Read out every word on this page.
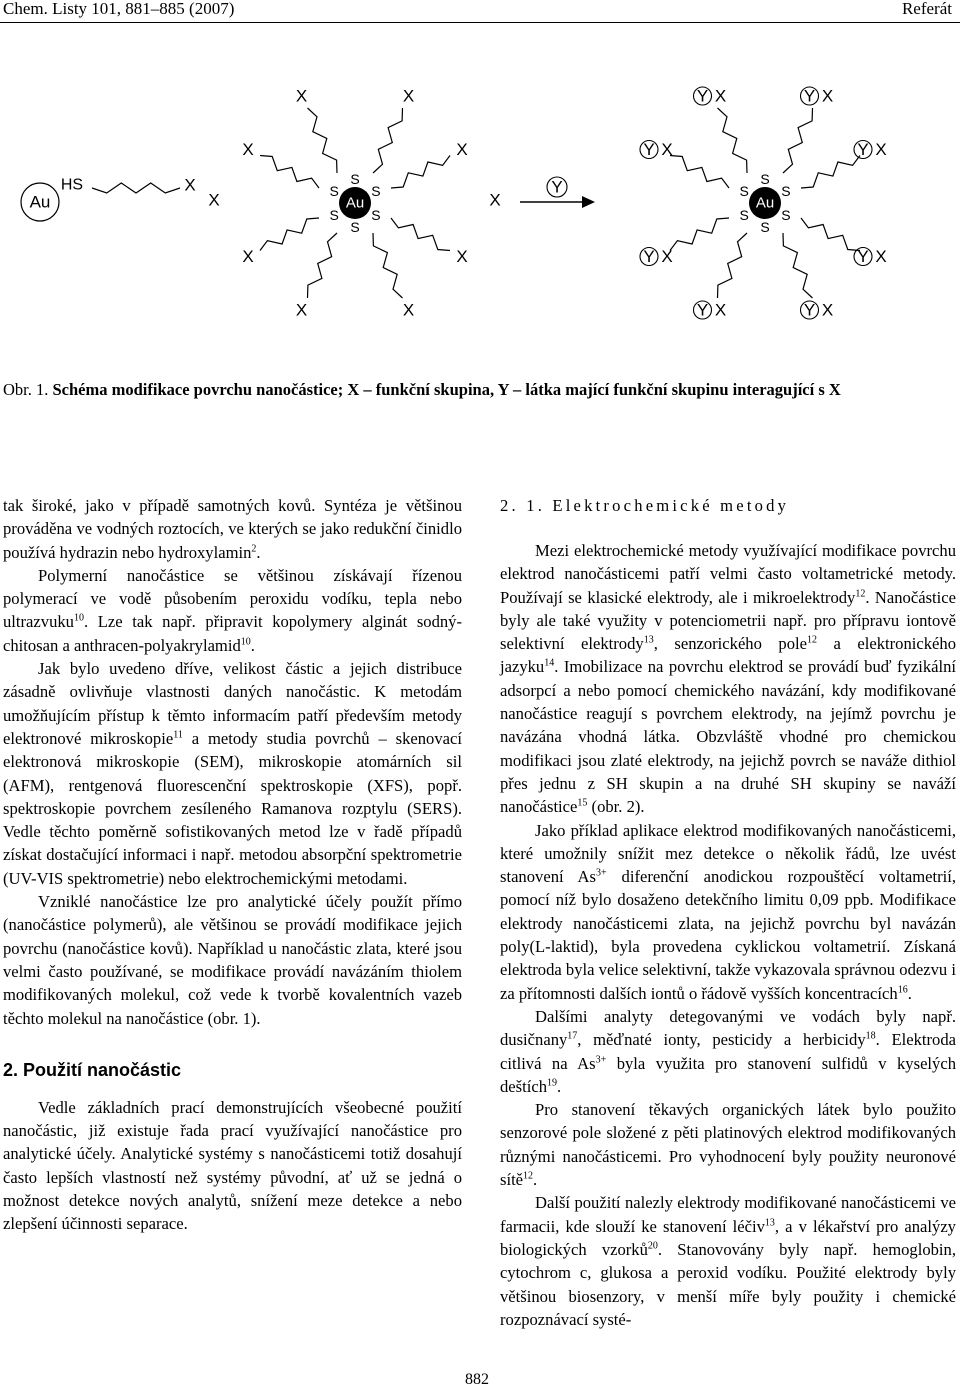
Chem. Listy 101, 881–885 (2007)	Referát
Au
HS	X
Au
S
S
S
S
S
S
X	X
X
X
X
X
X
X
X	X
Y
Au
S
S
S
S
S
S
Y X	Y X
Y X
Y X
Y X
Y X
Y X
Y X
Obr. 1. Schéma modifikace povrchu nanočástice; X – funkční skupina, Y – látka mající funkční skupinu interagující s X

tak široké, jako v případě samotných kovů. Syntéza je většinou prováděna ve vodných roztocích, ve kterých se jako redukční činidlo používá hydrazin nebo hydroxylamin$^2$.

Polymerní nanočástice se většinou získávají řízenou polymerací ve vodě působením peroxidu vodíku, tepla nebo ultrazvuku$^{10}$. Lze tak např. připravit kopolymery alginát sodný-chitosan a anthracen-polyakrylamid$^{10}$.

Jak bylo uvedeno dříve, velikost částic a jejich distribuce zásadně ovlivňuje vlastnosti daných nanočástic. K metodám umožňujícím přístup k těmto informacím patří především metody elektronové mikroskopie$^{11}$ a metody studia povrchů – skenovací elektronová mikroskopie (SEM), mikroskopie atomárních sil (AFM), rentgenová fluorescenční spektroskopie (XFS), popř. spektroskopie povrchem zesíleného Ramanova rozptylu (SERS). Vedle těchto poměrně sofistikovaných metod lze v řadě případů získat dostačující informaci i např. metodou absorpční spektrometrie (UV-VIS spektrometrie) nebo elektrochemickými metodami.

Vzniklé nanočástice lze pro analytické účely použít přímo (nanočástice polymerů), ale většinou se provádí modifikace jejich povrchu (nanočástice kovů). Například u nanočástic zlata, které jsou velmi často používané, se modifikace provádí navázáním thiolem modifikovaných molekul, což vede k tvorbě kovalentních vazeb těchto molekul na nanočástice (obr. 1).

2. Použití nanočástic

Vedle základních prací demonstrujících všeobecné použití nanočástic, již existuje řada prací využívající nanočástice pro analytické účely. Analytické systémy s nanočásticemi totiž dosahují často lepších vlastností než systémy původní, ať už se jedná o možnost detekce nových analytů, snížení meze detekce a nebo zlepšení účinnosti separace.

2. 1. Elektrochemické metody

Mezi elektrochemické metody využívající modifikace povrchu elektrod nanočásticemi patří velmi často voltametrické metody. Používají se klasické elektrody, ale i mikroelektrody$^{12}$. Nanočástice byly ale také využity v potenciometrii např. pro přípravu iontově selektivní elektrody$^{13}$, senzorického pole$^{12}$ a elektronického jazyku$^{14}$. Imobilizace na povrchu elektrod se provádí buď fyzikální adsorpcí a nebo pomocí chemického navázání, kdy modifikované nanočástice reagují s povrchem elektrody, na jejímž povrchu je navázána vhodná látka. Obzvláště vhodné pro chemickou modifikaci jsou zlaté elektrody, na jejichž povrch se naváže dithiol přes jednu z SH skupin a na druhé SH skupiny se naváží nanočástice$^{15}$ (obr. 2).

Jako příklad aplikace elektrod modifikovaných nanočásticemi, které umožnily snížit mez detekce o několik řádů, lze uvést stanovení $As^{3+}$ diferenční anodickou rozpouštěcí voltametrií, pomocí níž bylo dosaženo detekčního limitu 0,09 ppb. Modifikace elektrody nanočásticemi zlata, na jejichž povrchu byl navázán poly(L-laktid), byla provedena cyklickou voltametrií. Získaná elektroda byla velice selektivní, takže vykazovala správnou odezvu i za přítomnosti dalších iontů o řádově vyšších koncentracích$^{16}$.

Dalšími analyty detegovanými ve vodách byly např. dusičnany$^{17}$, měďnaté ionty, pesticidy a herbicidy$^{18}$. Elektroda citlivá na $As^{3+}$ byla využita pro stanovení sulfidů v kyselých deštích$^{19}$.

Pro stanovení těkavých organických látek bylo použito senzorové pole složené z pěti platinových elektrod modifikovaných různými nanočásticemi. Pro vyhodnocení byly použity neuronové sítě$^{12}$.

Další použití nalezly elektrody modifikované nanočásticemi ve farmacii, kde slouží ke stanovení léčiv$^{13}$, a v lékařství pro analýzy biologických vzorků$^{20}$. Stanovovány byly např. hemoglobin, cytochrom c, glukosa a peroxid vodíku. Použité elektrody byly většinou biosenzory, v menší míře byly použity i chemické rozpoznávací systé-

882
